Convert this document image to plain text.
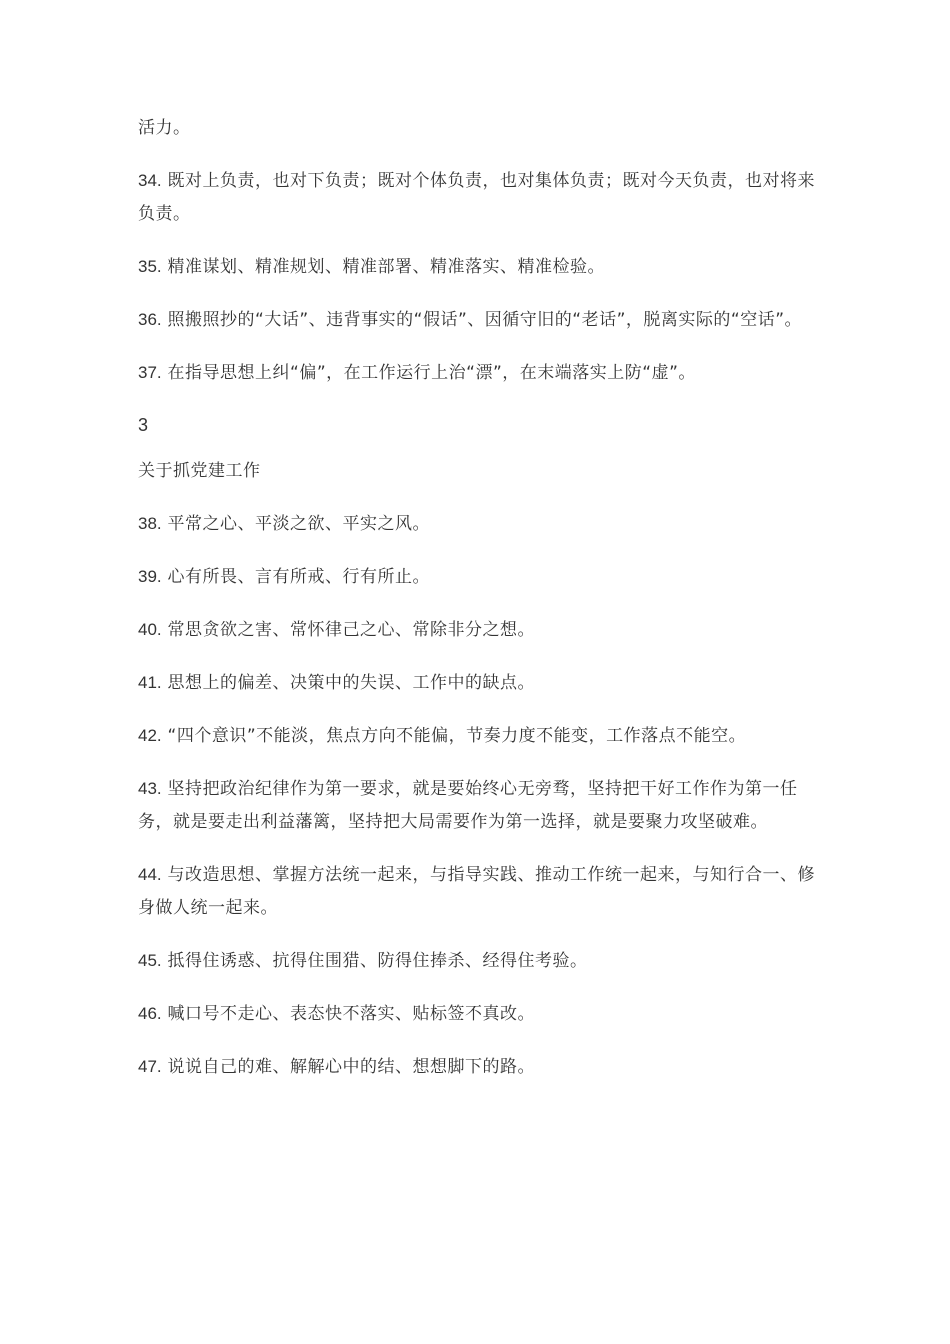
活力。

34. 既对上负责，也对下负责；既对个体负责，也对集体负责；既对今天负责，也对将来负责。

35. 精准谋划、精准规划、精准部署、精准落实、精准检验。

36. 照搬照抄的“大话”、违背事实的“假话”、因循守旧的“老话”，脱离实际的“空话”。

37. 在指导思想上纠“偏”，在工作运行上治“漂”，在末端落实上防“虚”。

3

关于抓党建工作

38. 平常之心、平淡之欲、平实之风。

39. 心有所畏、言有所戒、行有所止。

40. 常思贪欲之害、常怀律己之心、常除非分之想。

41. 思想上的偏差、决策中的失误、工作中的缺点。

42. “四个意识”不能淡，焦点方向不能偏，节奏力度不能变，工作落点不能空。

43. 坚持把政治纪律作为第一要求，就是要始终心无旁骛，坚持把干好工作作为第一任务，就是要走出利益藩篱，坚持把大局需要作为第一选择，就是要聚力攻坚破难。

44. 与改造思想、掌握方法统一起来，与指导实践、推动工作统一起来，与知行合一、修身做人统一起来。

45. 抵得住诱惑、抗得住围猎、防得住捧杀、经得住考验。

46. 喊口号不走心、表态快不落实、贴标签不真改。

47. 说说自己的难、解解心中的结、想想脚下的路。
